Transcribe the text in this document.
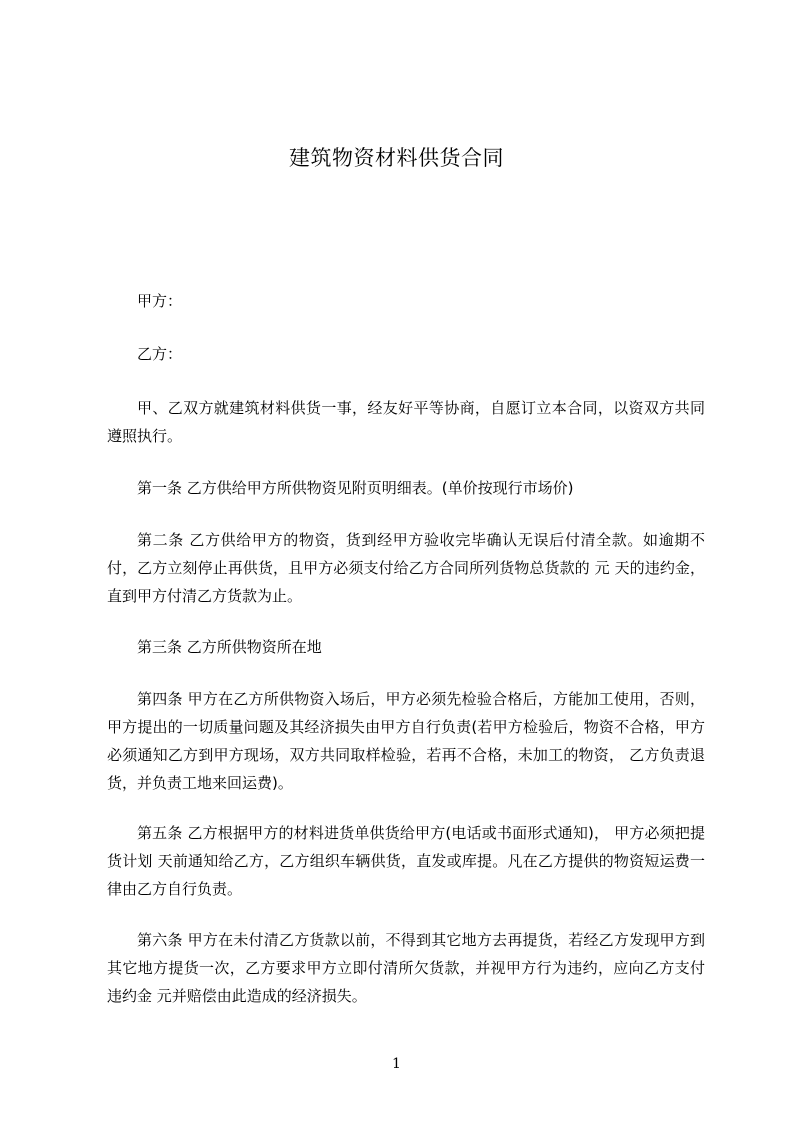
建筑物资材料供货合同

甲方：

乙方：

甲、乙双方就建筑材料供货一事，经友好平等协商，自愿订立本合同，以资双方共同遵照执行。

第一条 乙方供给甲方所供物资见附页明细表。(单价按现行市场价)

第二条 乙方供给甲方的物资，货到经甲方验收完毕确认无误后付清全款。如逾期不付，乙方立刻停止再供货，且甲方必须支付给乙方合同所列货物总货款的 元 天的违约金，直到甲方付清乙方货款为止。

第三条 乙方所供物资所在地

第四条 甲方在乙方所供物资入场后，甲方必须先检验合格后，方能加工使用，否则，甲方提出的一切质量问题及其经济损失由甲方自行负责(若甲方检验后，物资不合格，甲方必须通知乙方到甲方现场，双方共同取样检验，若再不合格，未加工的物资， 乙方负责退货，并负责工地来回运费)。

第五条 乙方根据甲方的材料进货单供货给甲方(电话或书面形式通知)， 甲方必须把提货计划 天前通知给乙方，乙方组织车辆供货，直发或库提。凡在乙方提供的物资短运费一律由乙方自行负责。

第六条 甲方在未付清乙方货款以前，不得到其它地方去再提货，若经乙方发现甲方到其它地方提货一次，乙方要求甲方立即付清所欠货款，并视甲方行为违约，应向乙方支付违约金 元并赔偿由此造成的经济损失。

1
